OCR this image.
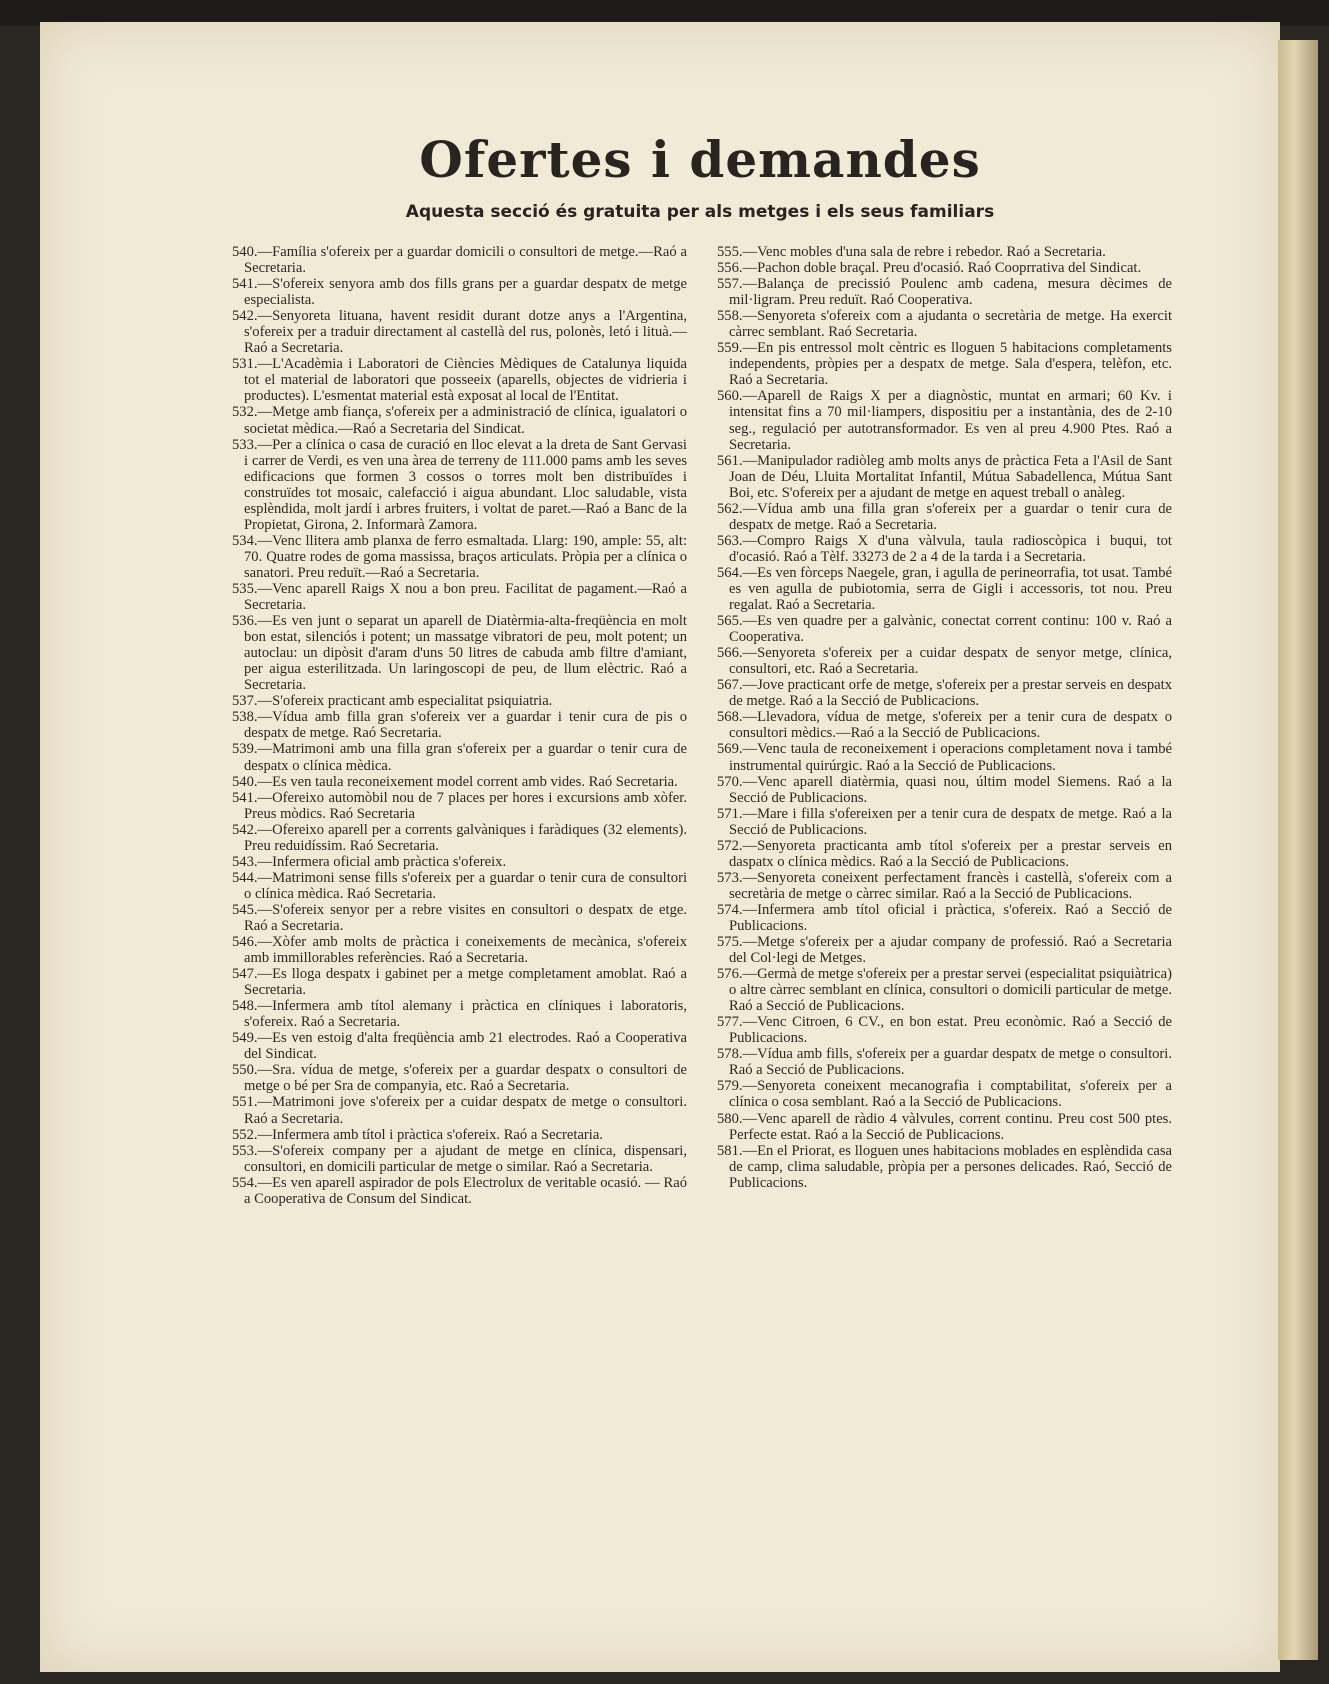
Ofertes i demandes
Aquesta secció és gratuita per als metges i els seus familiars

540.—Família s'ofereix per a guardar domicili o consultori de metge.—Raó a Secretaria.

541.—S'ofereix senyora amb dos fills grans per a guardar despatx de metge especialista.

542.—Senyoreta lituana, havent residit durant dotze anys a l'Argentina, s'ofereix per a traduir directament al castellà del rus, polonès, letó i lituà.—Raó a Secretaria.

531.—L'Acadèmia i Laboratori de Ciències Mèdiques de Catalunya liquida tot el material de laboratori que posseeix (aparells, objectes de vidrieria i productes). L'esmentat material està exposat al local de l'Entitat.

532.—Metge amb fiança, s'ofereix per a administració de clínica, igualatori o societat mèdica.—Raó a Secretaria del Sindicat.

533.—Per a clínica o casa de curació en lloc elevat a la dreta de Sant Gervasi i carrer de Verdi, es ven una àrea de terreny de 111.000 pams amb les seves edificacions que formen 3 cossos o torres molt ben distribuïdes i construïdes tot mosaic, calefacció i aigua abundant. Lloc saludable, vista esplèndida, molt jardí i arbres fruiters, i voltat de paret.—Raó a Banc de la Propietat, Girona, 2. Informarà Zamora.

534.—Venc llitera amb planxa de ferro esmaltada. Llarg: 190, ample: 55, alt: 70. Quatre rodes de goma massissa, braços articulats. Pròpia per a clínica o sanatori. Preu reduït.—Raó a Secretaria.

535.—Venc aparell Raigs X nou a bon preu. Facilitat de pagament.—Raó a Secretaria.

536.—Es ven junt o separat un aparell de Diatèrmia-alta-freqüència en molt bon estat, silenciós i potent; un massatge vibratori de peu, molt potent; un autoclau: un dipòsit d'aram d'uns 50 litres de cabuda amb filtre d'amiant, per aigua esterilitzada. Un laringoscopi de peu, de llum elèctric. Raó a Secretaria.

537.—S'ofereix practicant amb especialitat psiquiatria.

538.—Vídua amb filla gran s'ofereix ver a guardar i tenir cura de pis o despatx de metge. Raó Secretaria.

539.—Matrimoni amb una filla gran s'ofereix per a guardar o tenir cura de despatx o clínica mèdica.

540.—Es ven taula reconeixement model corrent amb vides. Raó Secretaria.

541.—Ofereixo automòbil nou de 7 places per hores i excursions amb xòfer. Preus mòdics. Raó Secretaria

542.—Ofereixo aparell per a corrents galvàniques i faràdiques (32 elements). Preu reduidíssim. Raó Secretaria.

543.—Infermera oficial amb pràctica s'ofereix.

544.—Matrimoni sense fills s'ofereix per a guardar o tenir cura de consultori o clínica mèdica. Raó Secretaria.

545.—S'ofereix senyor per a rebre visites en consultori o despatx de etge. Raó a Secretaria.

546.—Xòfer amb molts de pràctica i coneixements de mecànica, s'ofereix amb immillorables referències. Raó a Secretaria.

547.—Es lloga despatx i gabinet per a metge completament amoblat. Raó a Secretaria.

548.—Infermera amb títol alemany i pràctica en clíniques i laboratoris, s'ofereix. Raó a Secretaria.

549.—Es ven estoig d'alta freqüència amb 21 electrodes. Raó a Cooperativa del Sindicat.

550.—Sra. vídua de metge, s'ofereix per a guardar despatx o consultori de metge o bé per Sra de companyia, etc. Raó a Secretaria.

551.—Matrimoni jove s'ofereix per a cuidar despatx de metge o consultori. Raó a Secretaria.

552.—Infermera amb títol i pràctica s'ofereix. Raó a Secretaria.

553.—S'ofereix company per a ajudant de metge en clínica, dispensari, consultori, en domicili particular de metge o similar. Raó a Secretaria.

554.—Es ven aparell aspirador de pols Electrolux de veritable ocasió. — Raó a Cooperativa de Consum del Sindicat.

555.—Venc mobles d'una sala de rebre i rebedor. Raó a Secretaria.

556.—Pachon doble braçal. Preu d'ocasió. Raó Cooprrativa del Sindicat.

557.—Balança de precissió Poulenc amb cadena, mesura dècimes de mil·ligram. Preu reduït. Raó Cooperativa.

558.—Senyoreta s'ofereix com a ajudanta o secretària de metge. Ha exercit càrrec semblant. Raó Secretaria.

559.—En pis entressol molt cèntric es lloguen 5 habitacions completaments independents, pròpies per a despatx de metge. Sala d'espera, telèfon, etc. Raó a Secretaria.

560.—Aparell de Raigs X per a diagnòstic, muntat en armari; 60 Kv. i intensitat fins a 70 mil·liampers, dispositiu per a instantània, des de 2-10 seg., regulació per autotransformador. Es ven al preu 4.900 Ptes. Raó a Secretaria.

561.—Manipulador radiòleg amb molts anys de pràctica Feta a l'Asil de Sant Joan de Déu, Lluita Mortalitat Infantil, Mútua Sabadellenca, Mútua Sant Boi, etc. S'ofereix per a ajudant de metge en aquest treball o anàleg.

562.—Vídua amb una filla gran s'ofereix per a guardar o tenir cura de despatx de metge. Raó a Secretaria.

563.—Compro Raigs X d'una vàlvula, taula radioscòpica i buqui, tot d'ocasió. Raó a Tèlf. 33273 de 2 a 4 de la tarda i a Secretaria.

564.—Es ven fòrceps Naegele, gran, i agulla de perineorrafia, tot usat. També es ven agulla de pubiotomia, serra de Gigli i accessoris, tot nou. Preu regalat. Raó a Secretaria.

565.—Es ven quadre per a galvànic, conectat corrent continu: 100 v. Raó a Cooperativa.

566.—Senyoreta s'ofereix per a cuidar despatx de senyor metge, clínica, consultori, etc. Raó a Secretaria.

567.—Jove practicant orfe de metge, s'ofereix per a prestar serveis en despatx de metge. Raó a la Secció de Publicacions.

568.—Llevadora, vídua de metge, s'ofereix per a tenir cura de despatx o consultori mèdics.—Raó a la Secció de Publicacions.

569.—Venc taula de reconeixement i operacions completament nova i també instrumental quirúrgic. Raó a la Secció de Publicacions.

570.—Venc aparell diatèrmia, quasi nou, últim model Siemens. Raó a la Secció de Publicacions.

571.—Mare i filla s'ofereixen per a tenir cura de despatx de metge. Raó a la Secció de Publicacions.

572.—Senyoreta practicanta amb títol s'ofereix per a prestar serveis en daspatx o clínica mèdics. Raó a la Secció de Publicacions.

573.—Senyoreta coneixent perfectament francès i castellà, s'ofereix com a secretària de metge o càrrec similar. Raó a la Secció de Publicacions.

574.—Infermera amb títol oficial i pràctica, s'ofereix. Raó a Secció de Publicacions.

575.—Metge s'ofereix per a ajudar company de professió. Raó a Secretaria del Col·legi de Metges.

576.—Germà de metge s'ofereix per a prestar servei (especialitat psiquiàtrica) o altre càrrec semblant en clínica, consultori o domicili particular de metge. Raó a Secció de Publicacions.

577.—Venc Citroen, 6 CV., en bon estat. Preu econòmic. Raó a Secció de Publicacions.

578.—Vídua amb fills, s'ofereix per a guardar despatx de metge o consultori. Raó a Secció de Publicacions.

579.—Senyoreta coneixent mecanografia i comptabilitat, s'ofereix per a clínica o cosa semblant. Raó a la Secció de Publicacions.

580.—Venc aparell de ràdio 4 vàlvules, corrent continu. Preu cost 500 ptes. Perfecte estat. Raó a la Secció de Publicacions.

581.—En el Priorat, es lloguen unes habitacions moblades en esplèndida casa de camp, clima saludable, pròpia per a persones delicades. Raó, Secció de Publicacions.
